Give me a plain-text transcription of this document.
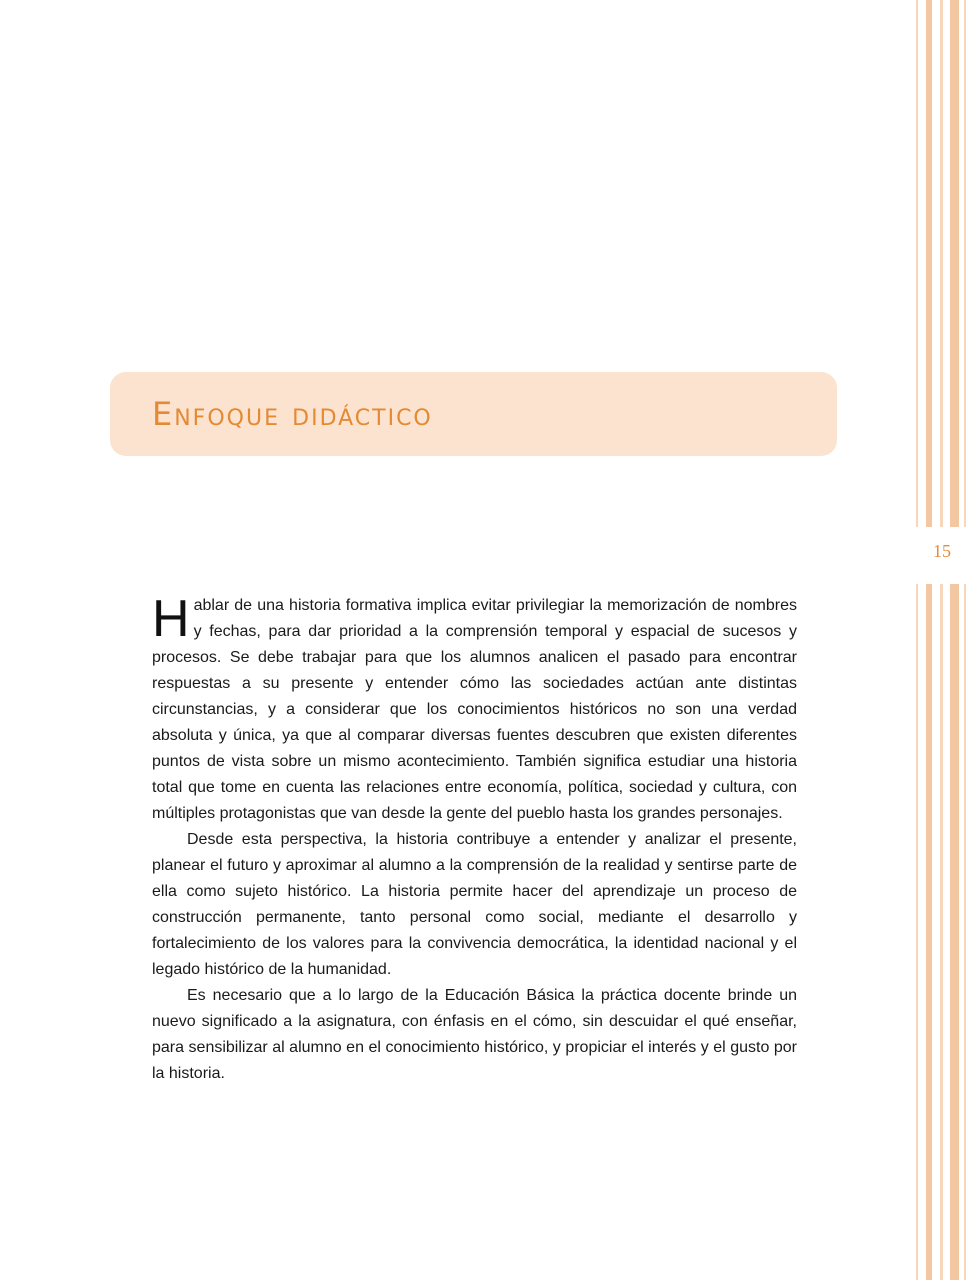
15
Enfoque didáctico

Hablar de una historia formativa implica evitar privilegiar la memorización de nombres y fechas, para dar prioridad a la comprensión temporal y espacial de sucesos y procesos. Se debe trabajar para que los alumnos analicen el pasado para encontrar respuestas a su presente y entender cómo las sociedades actúan ante distintas circunstancias, y a considerar que los conocimientos históricos no son una verdad absoluta y única, ya que al comparar diversas fuentes descubren que existen diferentes puntos de vista sobre un mismo acontecimiento. También significa estudiar una historia total que tome en cuenta las relaciones entre economía, política, sociedad y cultura, con múltiples protagonistas que van desde la gente del pueblo hasta los grandes personajes.

Desde esta perspectiva, la historia contribuye a entender y analizar el presente, planear el futuro y aproximar al alumno a la comprensión de la realidad y sentirse parte de ella como sujeto histórico. La historia permite hacer del aprendizaje un proceso de construcción permanente, tanto personal como social, mediante el desarrollo y fortalecimiento de los valores para la convivencia democrática, la identidad nacional y el legado histórico de la humanidad.

Es necesario que a lo largo de la Educación Básica la práctica docente brinde un nuevo significado a la asignatura, con énfasis en el cómo, sin descuidar el qué enseñar, para sensibilizar al alumno en el conocimiento histórico, y propiciar el interés y el gusto por la historia.
